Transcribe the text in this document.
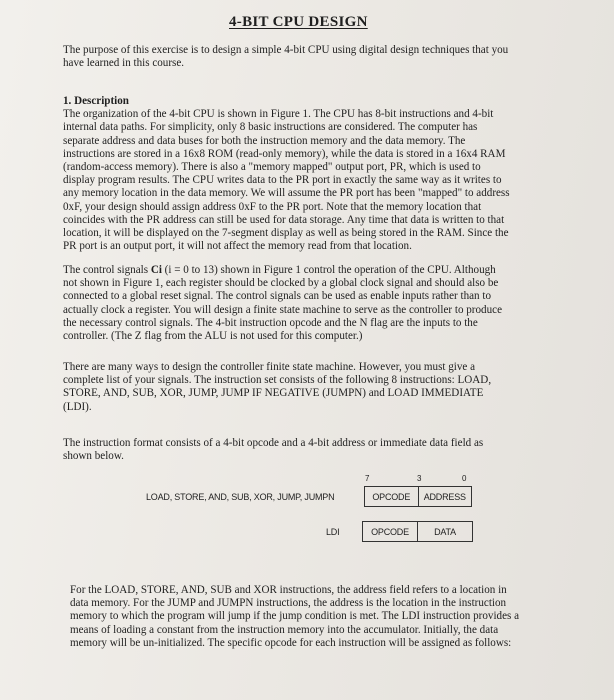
4-BIT CPU DESIGN

The purpose of this exercise is to design a simple 4-bit CPU using digital design techniques that you
have learned in this course.

1. Description
The organization of the 4-bit CPU is shown in Figure 1. The CPU has 8-bit instructions and 4-bit
internal data paths. For simplicity, only 8 basic instructions are considered. The computer has
separate address and data buses for both the instruction memory and the data memory. The
instructions are stored in a 16x8 ROM (read-only memory), while the data is stored in a 16x4 RAM
(random-access memory). There is also a "memory mapped" output port, PR, which is used to
display program results. The CPU writes data to the PR port in exactly the same way as it writes to
any memory location in the data memory. We will assume the PR port has been "mapped" to address
0xF, your design should assign address 0xF to the PR port. Note that the memory location that
coincides with the PR address can still be used for data storage. Any time that data is written to that
location, it will be displayed on the 7-segment display as well as being stored in the RAM. Since the
PR port is an output port, it will not affect the memory read from that location.

The control signals Ci (i = 0 to 13) shown in Figure 1 control the operation of the CPU. Although
not shown in Figure 1, each register should be clocked by a global clock signal and should also be
connected to a global reset signal. The control signals can be used as enable inputs rather than to
actually clock a register. You will design a finite state machine to serve as the controller to produce
the necessary control signals. The 4-bit instruction opcode and the N flag are the inputs to the
controller. (The Z flag from the ALU is not used for this computer.)

There are many ways to design the controller finite state machine. However, you must give a
complete list of your signals. The instruction set consists of the following 8 instructions: LOAD,
STORE, AND, SUB, XOR, JUMP, JUMP IF NEGATIVE (JUMPN) and LOAD IMMEDIATE
(LDI).

The instruction format consists of a 4-bit opcode and a 4-bit address or immediate data field as
shown below.

7	3	0
LOAD, STORE, AND, SUB, XOR, JUMP, JUMPN	OPCODE	ADDRESS
LDI	OPCODE	DATA

For the LOAD, STORE, AND, SUB and XOR instructions, the address field refers to a location in
data memory. For the JUMP and JUMPN instructions, the address is the location in the instruction
memory to which the program will jump if the jump condition is met. The LDI instruction provides a
means of loading a constant from the instruction memory into the accumulator. Initially, the data
memory will be un-initialized. The specific opcode for each instruction will be assigned as follows:
